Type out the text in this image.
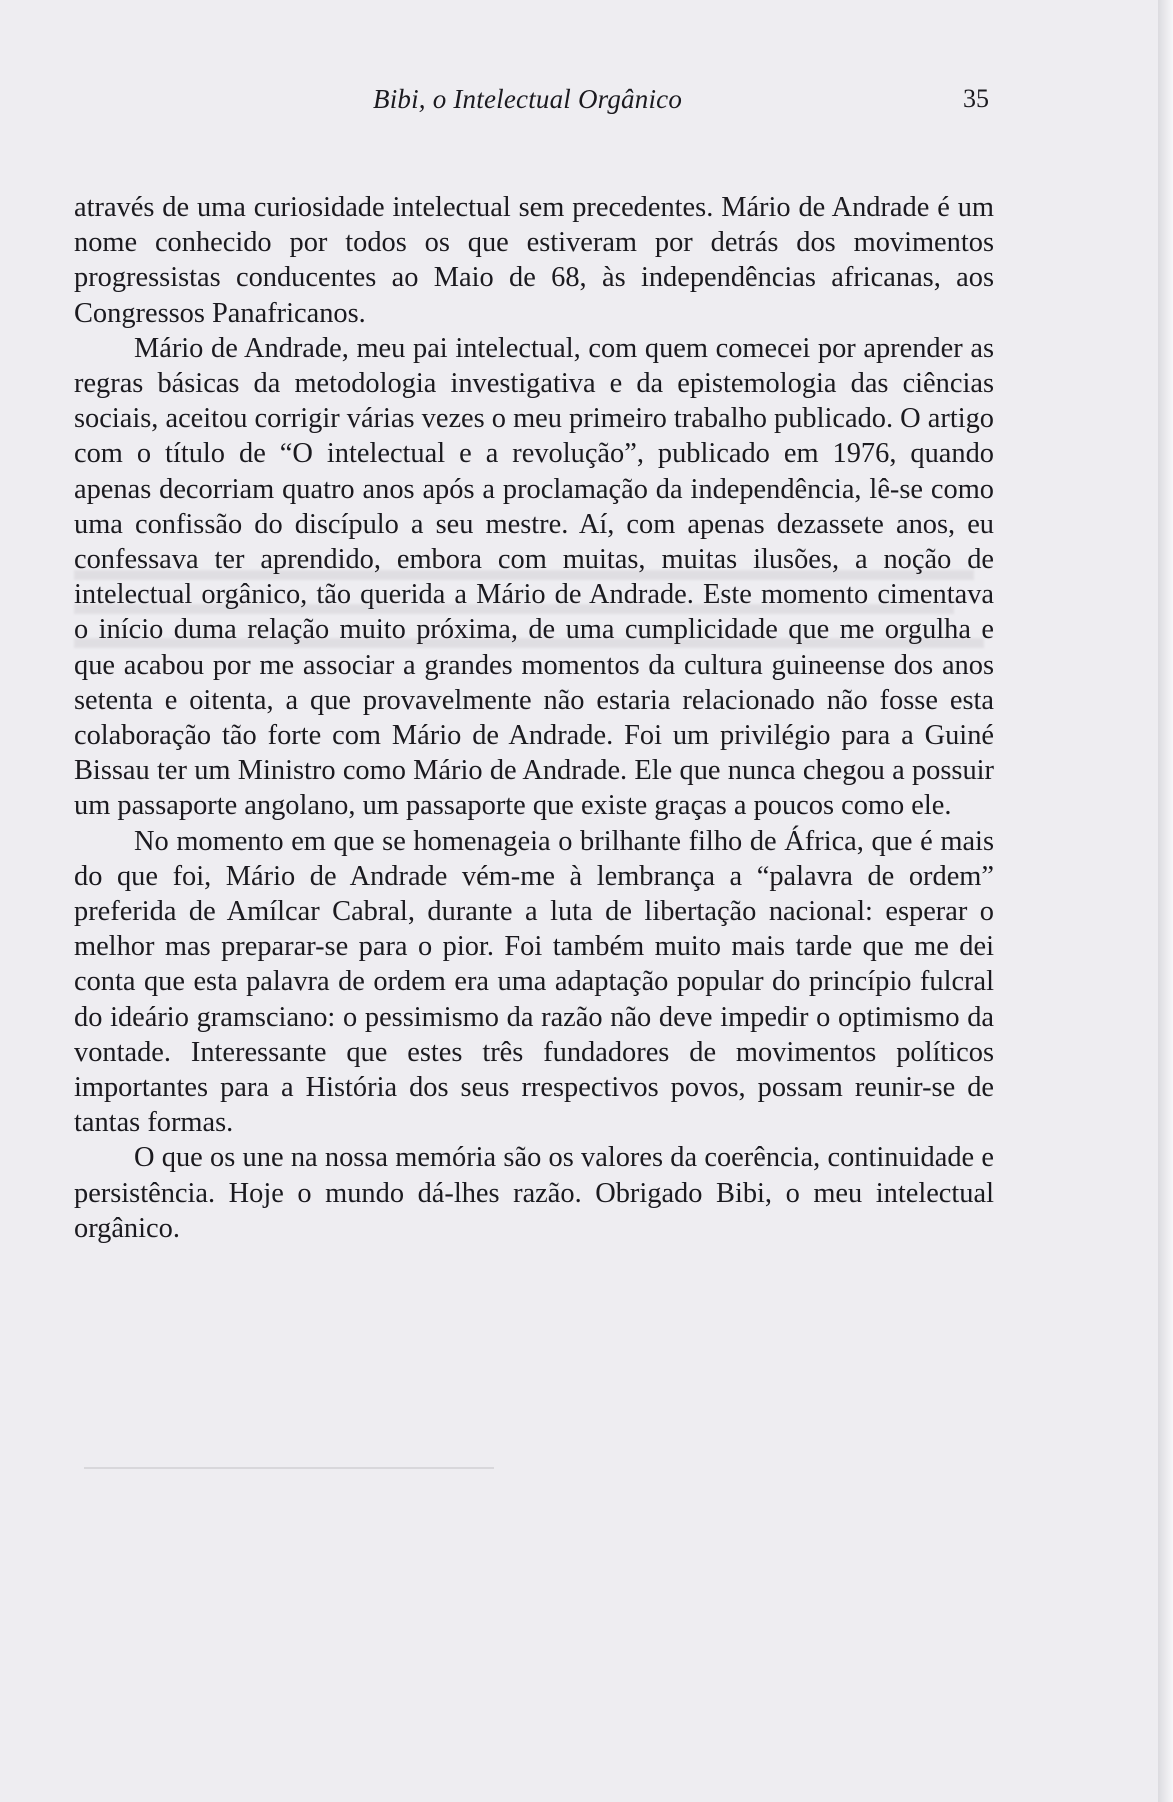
Bibi, o Intelectual Orgânico	35

através de uma curiosidade intelectual sem precedentes. Mário de Andrade é um nome conhecido por todos os que estiveram por detrás dos movimentos progressistas conducentes ao Maio de 68, às independências africanas, aos Congressos Panafricanos.

Mário de Andrade, meu pai intelectual, com quem comecei por aprender as regras básicas da metodologia investigativa e da epistemologia das ciências sociais, aceitou corrigir várias vezes o meu primeiro trabalho publicado. O artigo com o título de “O intelectual e a revolução”, publicado em 1976, quando apenas decorriam quatro anos após a proclamação da independência, lê-se como uma confissão do discípulo a seu mestre. Aí, com apenas dezassete anos, eu confessava ter aprendido, embora com muitas, muitas ilusões, a noção de intelectual orgânico, tão querida a Mário de Andrade. Este momento cimentava o início duma relação muito próxima, de uma cumplicidade que me orgulha e que acabou por me associar a grandes momentos da cultura guineense dos anos setenta e oitenta, a que provavelmente não estaria relacionado não fosse esta colaboração tão forte com Mário de Andrade. Foi um privilégio para a Guiné Bissau ter um Ministro como Mário de Andrade. Ele que nunca chegou a possuir um passaporte angolano, um passaporte que existe graças a poucos como ele.

No momento em que se homenageia o brilhante filho de África, que é mais do que foi, Mário de Andrade vém-me à lembrança a “palavra de ordem” preferida de Amílcar Cabral, durante a luta de libertação nacional: esperar o melhor mas preparar-se para o pior. Foi também muito mais tarde que me dei conta que esta palavra de ordem era uma adaptação popular do princípio fulcral do ideário gramsciano: o pessimismo da razão não deve impedir o optimismo da vontade. Interessante que estes três fundadores de movimentos políticos importantes para a História dos seus rrespectivos povos, possam reunir-se de tantas formas.

O que os une na nossa memória são os valores da coerência, continuidade e persistência. Hoje o mundo dá-lhes razão. Obrigado Bibi, o meu intelectual orgânico.
